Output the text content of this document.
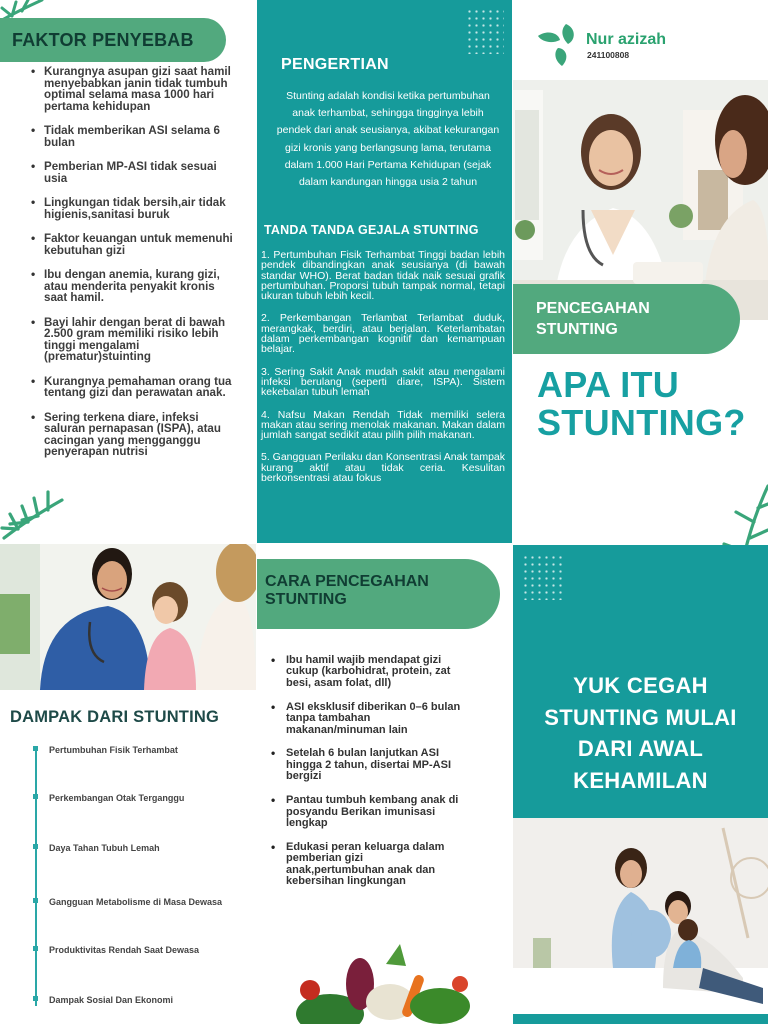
FAKTOR PENYEBAB
• Kurangnya asupan gizi saat hamil menyebabkan janin tidak tumbuh optimal selama masa 1000 hari pertama kehidupan
• Tidak memberikan ASI selama 6 bulan
• Pemberian MP-ASI tidak sesuai usia
• Lingkungan tidak bersih,air tidak higienis,sanitasi buruk
• Faktor keuangan untuk memenuhi kebutuhan gizi
• Ibu dengan anemia, kurang gizi, atau menderita penyakit kronis saat hamil.
• Bayi lahir dengan berat di bawah 2.500 gram memiliki risiko lebih tinggi mengalami (prematur)stuinting
• Kurangnya pemahaman orang tua tentang gizi dan perawatan anak.
• Sering terkena diare, infeksi saluran pernapasan (ISPA), atau cacingan yang mengganggu penyerapan nutrisi
PENGERTIAN
Stunting adalah kondisi ketika pertumbuhan anak terhambat, sehingga tingginya lebih pendek dari anak seusianya, akibat kekurangan gizi kronis yang berlangsung lama, terutama dalam 1.000 Hari Pertama Kehidupan (sejak dalam kandungan hingga usia 2 tahun
TANDA TANDA GEJALA STUNTING

1. Pertumbuhan Fisik Terhambat Tinggi badan lebih pendek dibandingkan anak seusianya (di bawah standar WHO). Berat badan tidak naik sesuai grafik pertumbuhan. Proporsi tubuh tampak normal, tetapi ukuran tubuh lebih kecil.

2. Perkembangan Terlambat Terlambat duduk, merangkak, berdiri, atau berjalan. Keterlambatan dalam perkembangan kognitif dan kemampuan belajar.

3. Sering Sakit Anak mudah sakit atau mengalami infeksi berulang (seperti diare, ISPA). Sistem kekebalan tubuh lemah

4. Nafsu Makan Rendah Tidak memiliki selera makan atau sering menolak makanan. Makan dalam jumlah sangat sedikit atau pilih pilih makanan.

5. Gangguan Perilaku dan Konsentrasi Anak tampak kurang aktif atau tidak ceria. Kesulitan berkonsentrasi atau fokus

Nur azizah
241100808
PENCEGAHAN STUNTING
APA ITU STUNTING?
DAMPAK DARI STUNTING
Pertumbuhan Fisik Terhambat
Perkembangan Otak Terganggu
Daya Tahan Tubuh Lemah
Gangguan Metabolisme di Masa Dewasa
Produktivitas Rendah Saat Dewasa
Dampak Sosial Dan Ekonomi
CARA PENCEGAHAN STUNTING
• Ibu hamil wajib mendapat gizi cukup (karbohidrat, protein, zat besi, asam folat, dll)
• ASI eksklusif diberikan 0–6 bulan tanpa tambahan makanan/minuman lain
• Setelah 6 bulan lanjutkan ASI hingga 2 tahun, disertai MP-ASI bergizi
• Pantau tumbuh kembang anak di posyandu Berikan imunisasi lengkap
• Edukasi peran keluarga dalam pemberian gizi anak,pertumbuhan anak dan kebersihan lingkungan
YUK CEGAH STUNTING MULAI DARI AWAL KEHAMILAN
